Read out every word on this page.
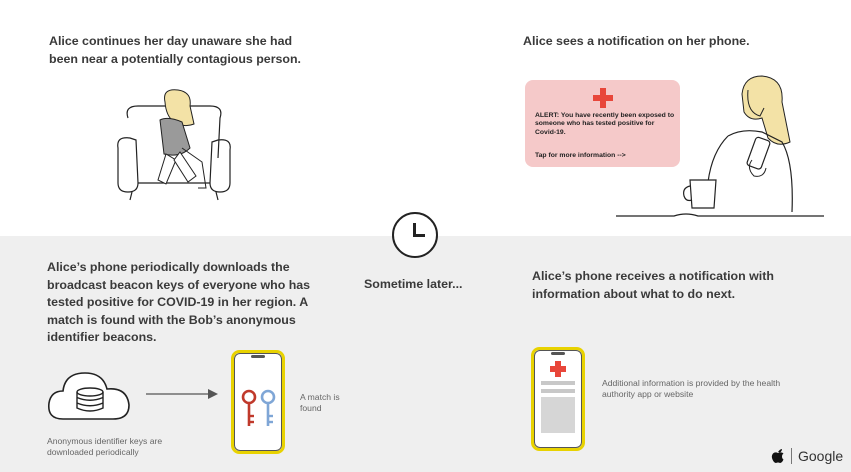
Alice continues her day unaware she had been near a potentially contagious person.
Alice sees a notification on her phone.
ALERT: You have recently been exposed to someone who has tested positive for Covid-19.
Tap for more information -->
Sometime later...
Alice’s phone periodically downloads the broadcast beacon keys of everyone who has tested positive for COVID-19 in her region. A match is found with the Bob’s anonymous identifier beacons.
Anonymous identifier keys are downloaded periodically
A match is found
Alice’s phone receives a notification with information about what to do next.
Additional information is provided by the health authority app or website
Google
